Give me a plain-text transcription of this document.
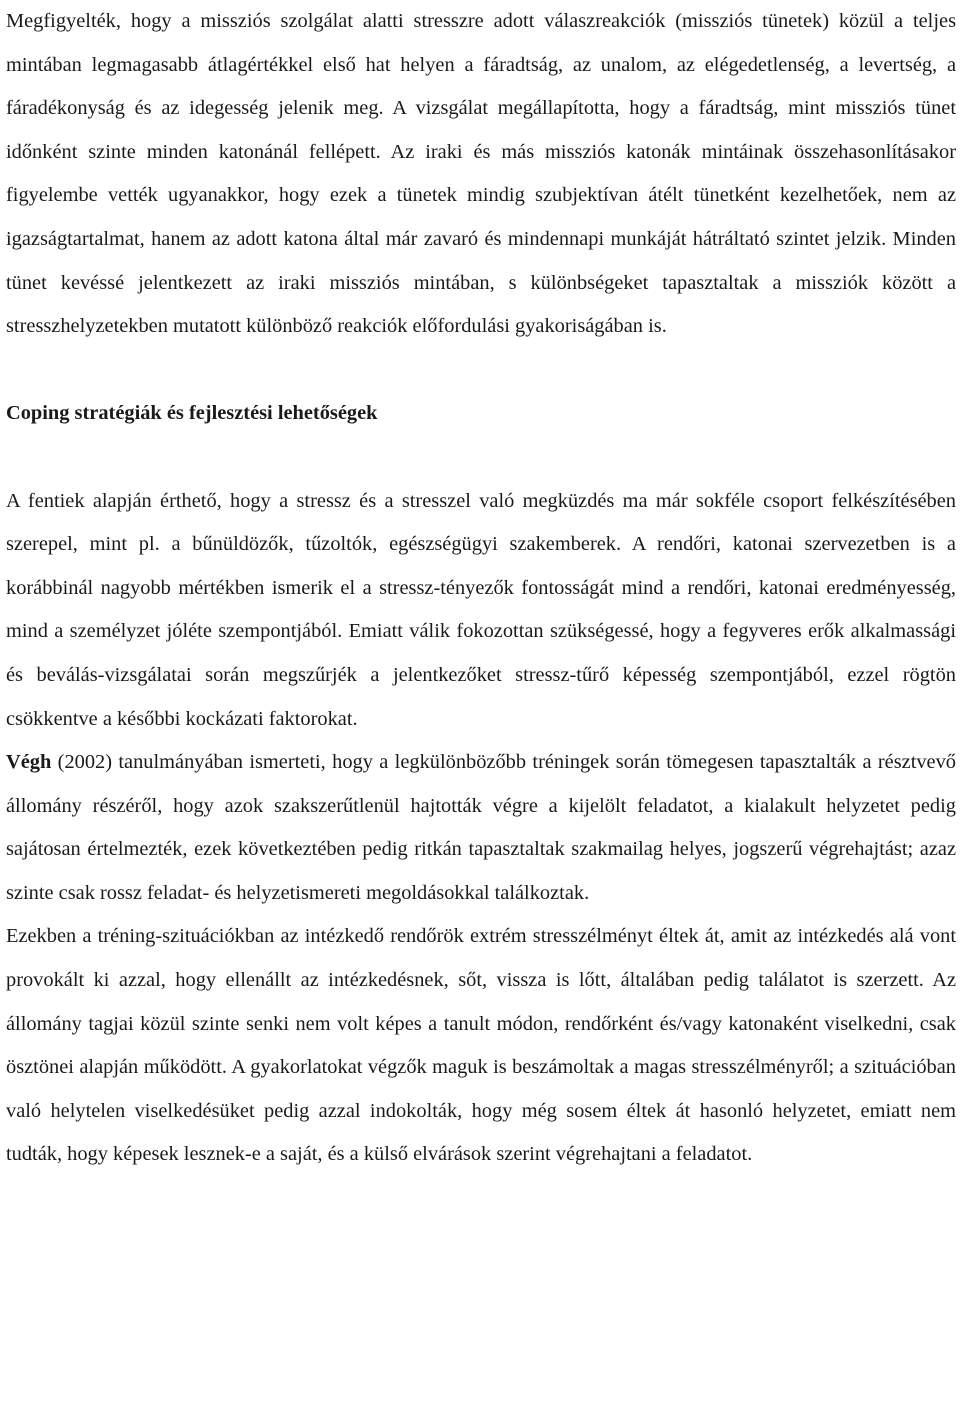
Megfigyelték, hogy a missziós szolgálat alatti stresszre adott válaszreakciók (missziós tünetek) közül a teljes mintában legmagasabb átlagértékkel első hat helyen a fáradtság, az unalom, az elégedetlenség, a levertség, a fáradékonyság és az idegesség jelenik meg. A vizsgálat megállapította, hogy a fáradtság, mint missziós tünet időnként szinte minden katonánál fellépett. Az iraki és más missziós katonák mintáinak összehasonlításakor figyelembe vették ugyanakkor, hogy ezek a tünetek mindig szubjektívan átélt tünetként kezelhetőek, nem az igazságtartalmat, hanem az adott katona által már zavaró és mindennapi munkáját hátráltató szintet jelzik. Minden tünet kevéssé jelentkezett az iraki missziós mintában, s különbségeket tapasztaltak a missziók között a stresszhelyzetekben mutatott különböző reakciók előfordulási gyakoriságában is.

Coping stratégiák és fejlesztési lehetőségek

A fentiek alapján érthető, hogy a stressz és a stresszel való megküzdés ma már sokféle csoport felkészítésében szerepel, mint pl. a bűnüldözők, tűzoltók, egészségügyi szakemberek. A rendőri, katonai szervezetben is a korábbinál nagyobb mértékben ismerik el a stressz-tényezők fontosságát mind a rendőri, katonai eredményesség, mind a személyzet jóléte szempontjából. Emiatt válik fokozottan szükségessé, hogy a fegyveres erők alkalmassági és beválás-vizsgálatai során megszűrjék a jelentkezőket stressz-tűrő képesség szempontjából, ezzel rögtön csökkentve a későbbi kockázati faktorokat.

Végh (2002) tanulmányában ismerteti, hogy a legkülönbözőbb tréningek során tömegesen tapasztalták a résztvevő állomány részéről, hogy azok szakszerűtlenül hajtották végre a kijelölt feladatot, a kialakult helyzetet pedig sajátosan értelmezték, ezek következtében pedig ritkán tapasztaltak szakmailag helyes, jogszerű végrehajtást; azaz szinte csak rossz feladat- és helyzetismereti megoldásokkal találkoztak.

Ezekben a tréning-szituációkban az intézkedő rendőrök extrém stresszélményt éltek át, amit az intézkedés alá vont provokált ki azzal, hogy ellenállt az intézkedésnek, sőt, vissza is lőtt, általában pedig találatot is szerzett. Az állomány tagjai közül szinte senki nem volt képes a tanult módon, rendőrként és/vagy katonaként viselkedni, csak ösztönei alapján működött. A gyakorlatokat végzők maguk is beszámoltak a magas stresszélményről; a szituációban való helytelen viselkedésüket pedig azzal indokolták, hogy még sosem éltek át hasonló helyzetet, emiatt nem tudták, hogy képesek lesznek-e a saját, és a külső elvárások szerint végrehajtani a feladatot.
